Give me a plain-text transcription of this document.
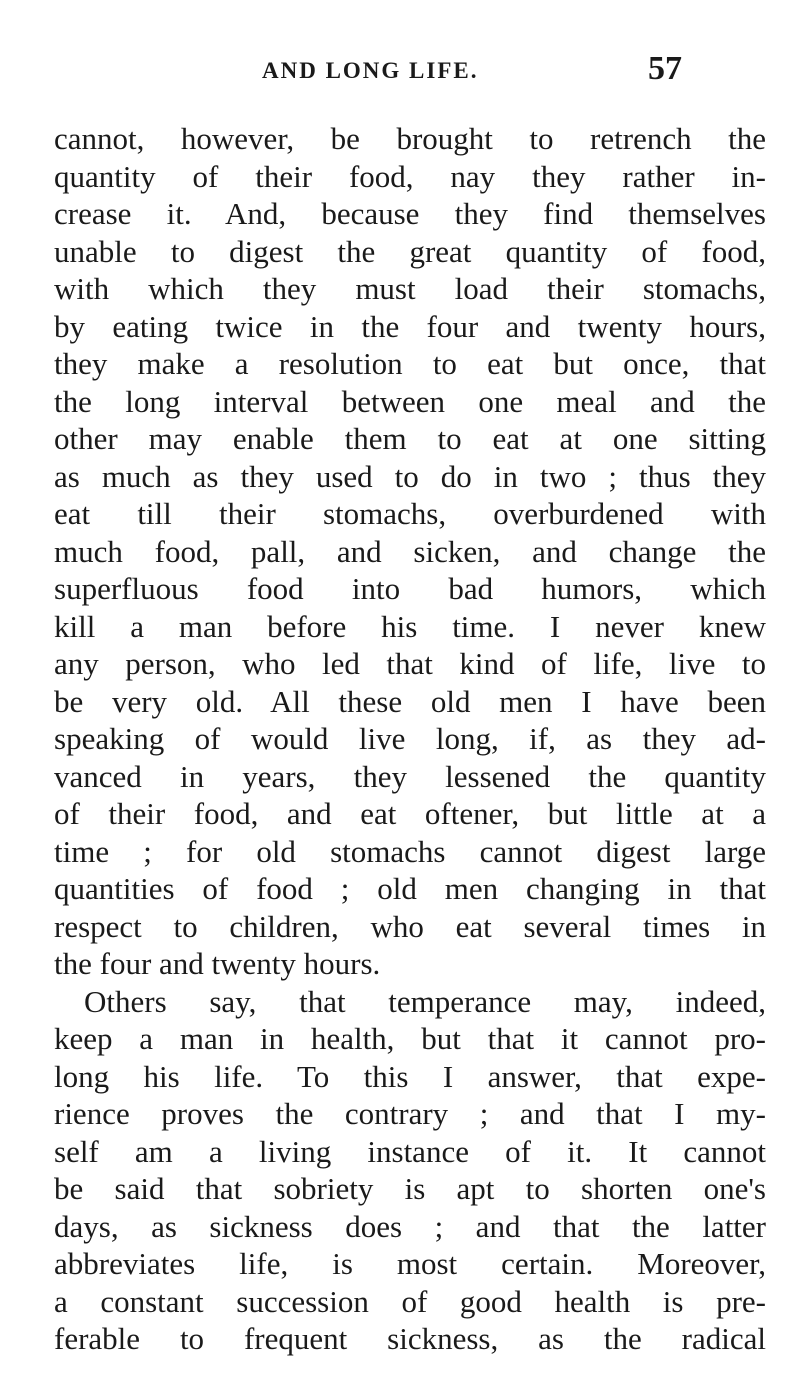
AND LONG LIFE.	57
cannot, however, be brought to retrench the
quantity of their food, nay they rather in-
crease it. And, because they find themselves
unable to digest the great quantity of food,
with which they must load their stomachs,
by eating twice in the four and twenty hours,
they make a resolution to eat but once, that
the long interval between one meal and the
other may enable them to eat at one sitting
as much as they used to do in two ; thus they
eat till their stomachs, overburdened with
much food, pall, and sicken, and change the
superfluous food into bad humors, which
kill a man before his time. I never knew
any person, who led that kind of life, live to
be very old. All these old men I have been
speaking of would live long, if, as they ad-
vanced in years, they lessened the quantity
of their food, and eat oftener, but little at a
time ; for old stomachs cannot digest large
quantities of food ; old men changing in that
respect to children, who eat several times in
the four and twenty hours.
Others say, that temperance may, indeed,
keep a man in health, but that it cannot pro-
long his life. To this I answer, that expe-
rience proves the contrary ; and that I my-
self am a living instance of it. It cannot
be said that sobriety is apt to shorten one's
days, as sickness does ; and that the latter
abbreviates life, is most certain. Moreover,
a constant succession of good health is pre-
ferable to frequent sickness, as the radical
